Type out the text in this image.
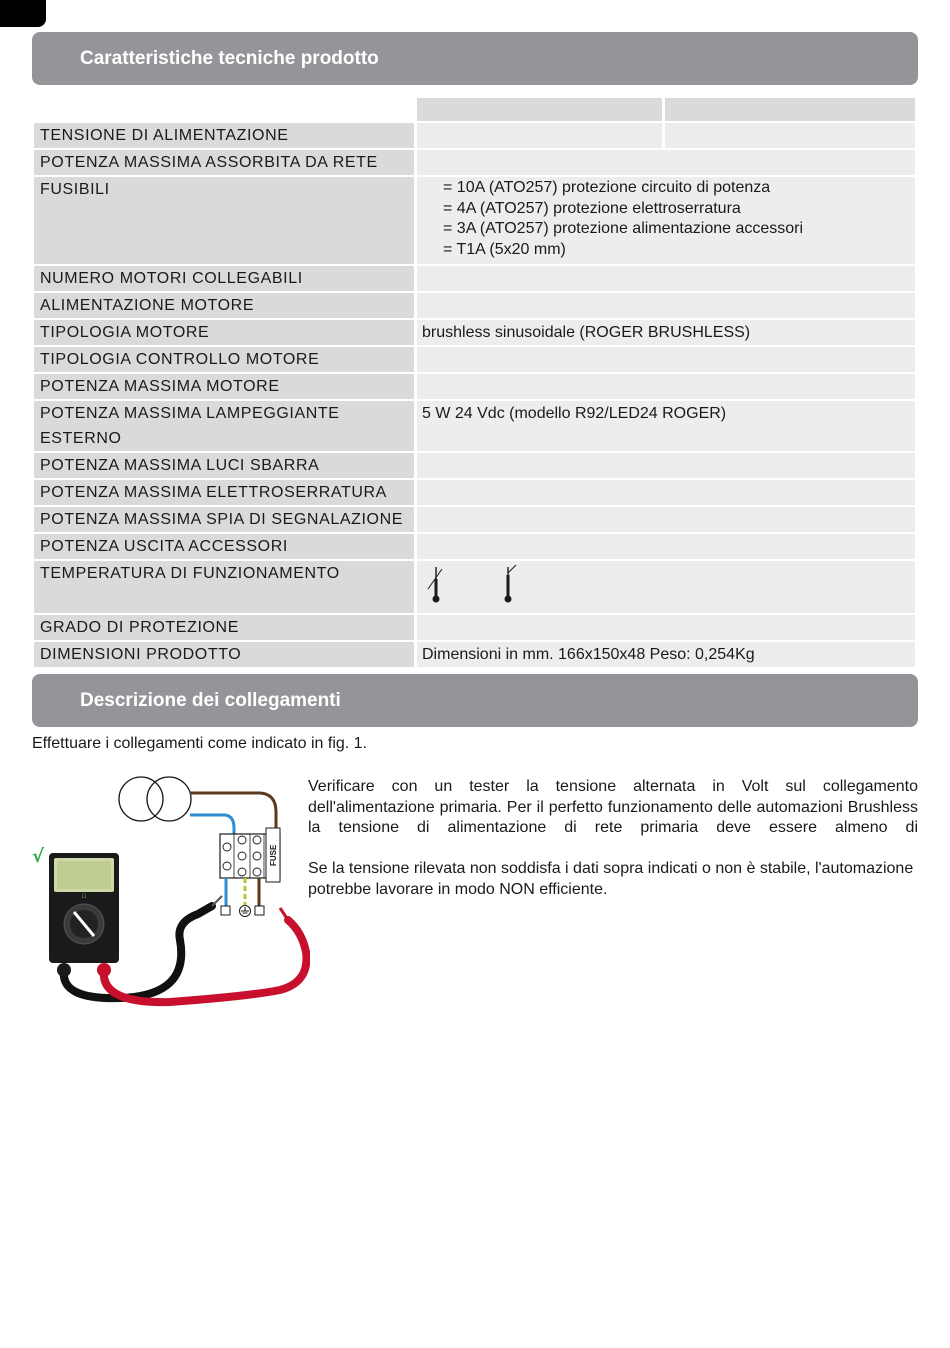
Caratteristiche tecniche prodotto

TENSIONE DI ALIMENTAZIONE		
POTENZA MASSIMA ASSORBITA DA RETE		
FUSIBILI	= 10A (ATO257) protezione circuito di potenza
= 4A (ATO257) protezione elettroserratura
= 3A (ATO257) protezione alimentazione accessori
= T1A (5x20 mm)	

NUMERO MOTORI COLLEGABILI		
ALIMENTAZIONE MOTORE		
TIPOLOGIA MOTORE	brushless sinusoidale (ROGER BRUSHLESS)	
TIPOLOGIA CONTROLLO MOTORE		
POTENZA MASSIMA MOTORE		
POTENZA MASSIMA LAMPEGGIANTE ESTERNO	5 W 24 Vdc (modello R92/LED24 ROGER)	
POTENZA MASSIMA LUCI SBARRA		
POTENZA MASSIMA ELETTROSERRATURA		
POTENZA MASSIMA SPIA DI SEGNALAZIONE		
POTENZA USCITA ACCESSORI		
TEMPERATURA DI FUNZIONAMENTO	
GRADO DI PROTEZIONE		
DIMENSIONI PRODOTTO	Dimensioni in mm. 166x150x48 Peso: 0,254Kg	
Descrizione dei collegamenti
Effettuare i collegamenti come indicato in fig. 1.
FUSE
√
Ω

Verificare con un tester la tensione alternata in Volt sul collegamento dell'alimentazione primaria. Per il perfetto funzionamento delle automazioni Brushless la tensione di alimentazione di rete primaria deve essere almeno di

Se la tensione rilevata non soddisfa i dati sopra indicati o non è stabile, l'automazione potrebbe lavorare in modo NON efficiente.
